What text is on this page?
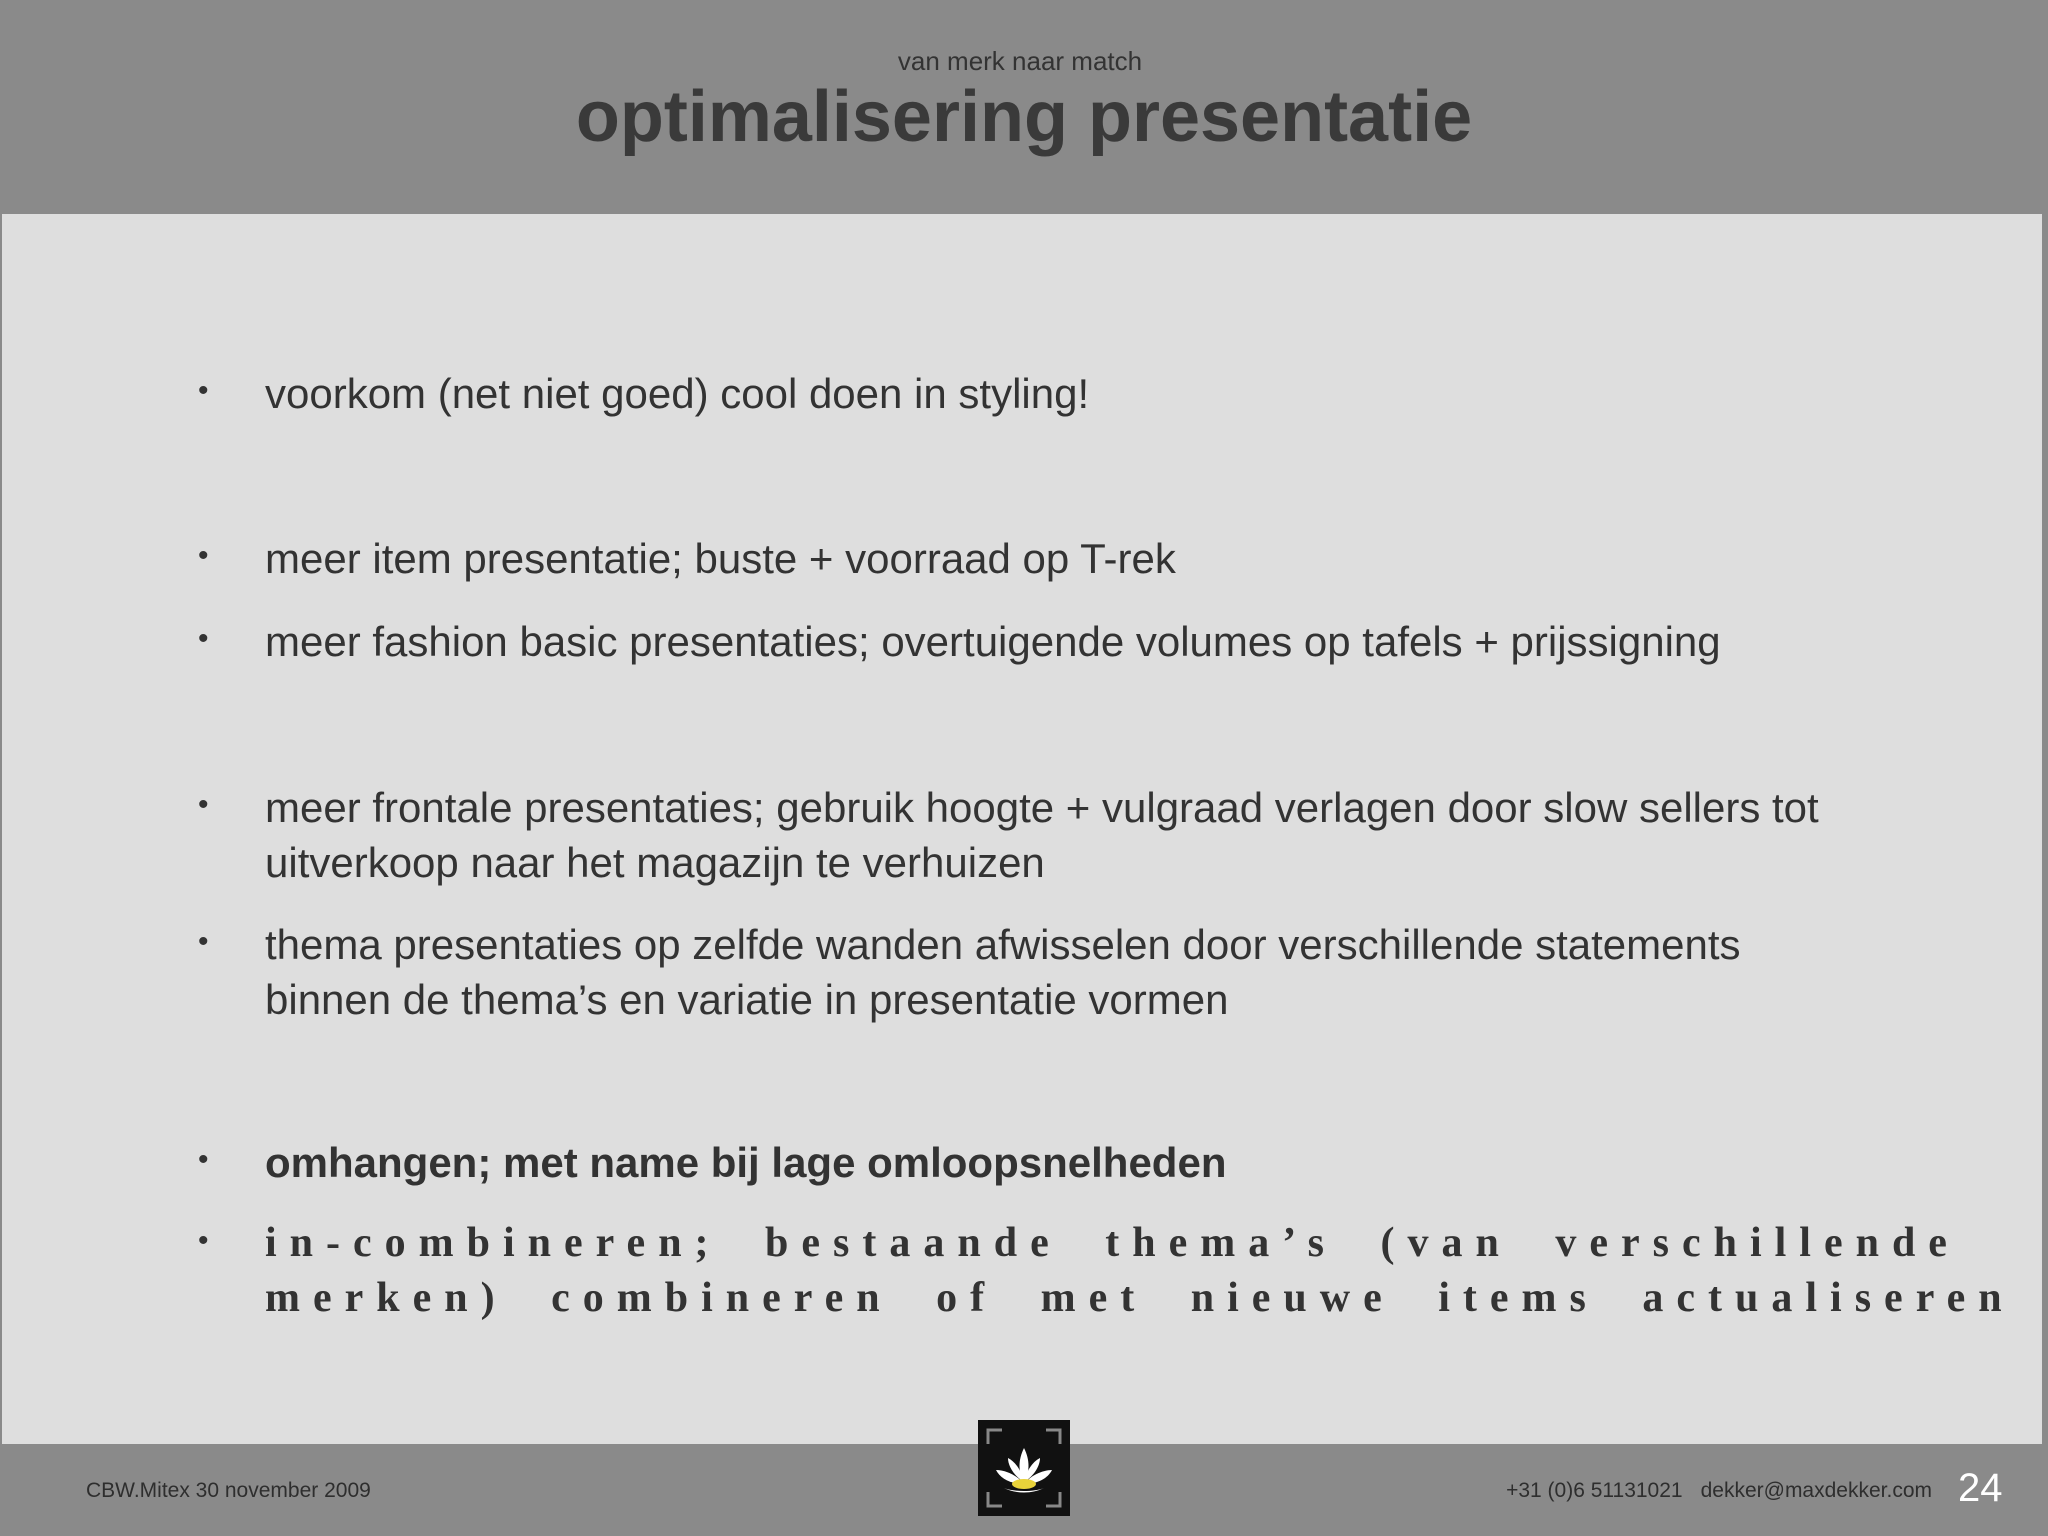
van merk naar match
optimalisering presentatie
• voorkom (net niet goed) cool doen in styling!
• meer item presentatie; buste + voorraad op T-rek
• meer fashion basic presentaties; overtuigende volumes op tafels + prijssigning
• meer frontale presentaties; gebruik hoogte + vulgraad verlagen door slow sellers tot
uitverkoop naar het magazijn te verhuizen
• thema presentaties op zelfde wanden afwisselen door verschillende statements
binnen de thema’s en variatie in presentatie vormen
• omhangen; met name bij lage omloopsnelheden
• in-combineren; bestaande thema’s (van verschillende
merken) combineren of met nieuwe items actualiseren
CBW.Mitex 30 november 2009	+31 (0)6 51131021 dekker@maxdekker.com 24
